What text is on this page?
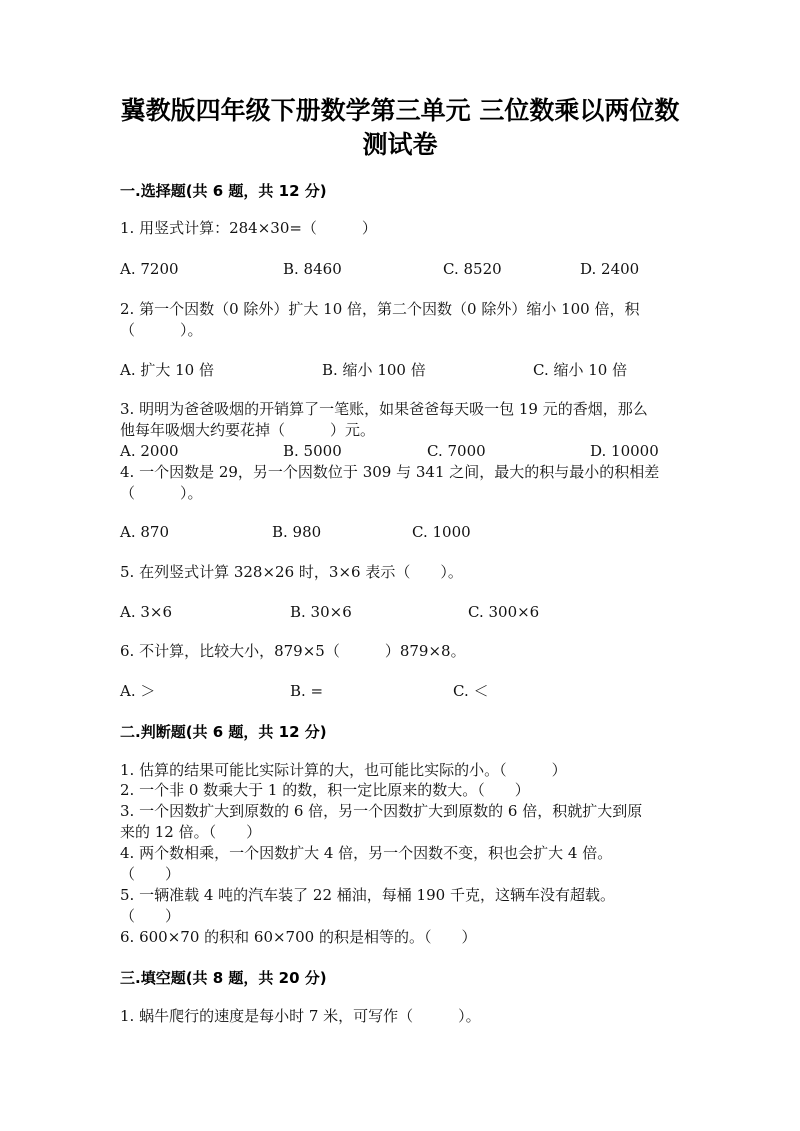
冀教版四年级下册数学第三单元 三位数乘以两位数
测试卷
一.选择题(共 6 题，共 12 分)
1. 用竖式计算：284×30=（　　　）
A. 7200	B. 8460	C. 8520	D. 2400
2. 第一个因数（0 除外）扩大 10 倍，第二个因数（0 除外）缩小 100 倍，积
（　　　）。
A. 扩大 10 倍	B. 缩小 100 倍	C. 缩小 10 倍
3. 明明为爸爸吸烟的开销算了一笔账，如果爸爸每天吸一包 19 元的香烟，那么
他每年吸烟大约要花掉（　　　）元。
A. 2000	B. 5000	C. 7000	D. 10000
4. 一个因数是 29，另一个因数位于 309 与 341 之间，最大的积与最小的积相差
（　　　）。
A. 870	B. 980	C. 1000
5. 在列竖式计算 328×26 时，3×6 表示（　　）。
A. 3×6	B. 30×6	C. 300×6
6. 不计算，比较大小，879×5（　　　）879×8。
A. ＞	B. =	C. ＜
二.判断题(共 6 题，共 12 分)
1. 估算的结果可能比实际计算的大，也可能比实际的小。（　　　）
2. 一个非 0 数乘大于 1 的数，积一定比原来的数大。（　　）
3. 一个因数扩大到原数的 6 倍，另一个因数扩大到原数的 6 倍，积就扩大到原
来的 12 倍。（　　）
4. 两个数相乘，一个因数扩大 4 倍，另一个因数不变，积也会扩大 4 倍。
（　　）
5. 一辆准载 4 吨的汽车装了 22 桶油，每桶 190 千克，这辆车没有超载。
（　　）
6. 600×70 的积和 60×700 的积是相等的。（　　）
三.填空题(共 8 题，共 20 分)
1. 蜗牛爬行的速度是每小时 7 米，可写作（　　　）。
